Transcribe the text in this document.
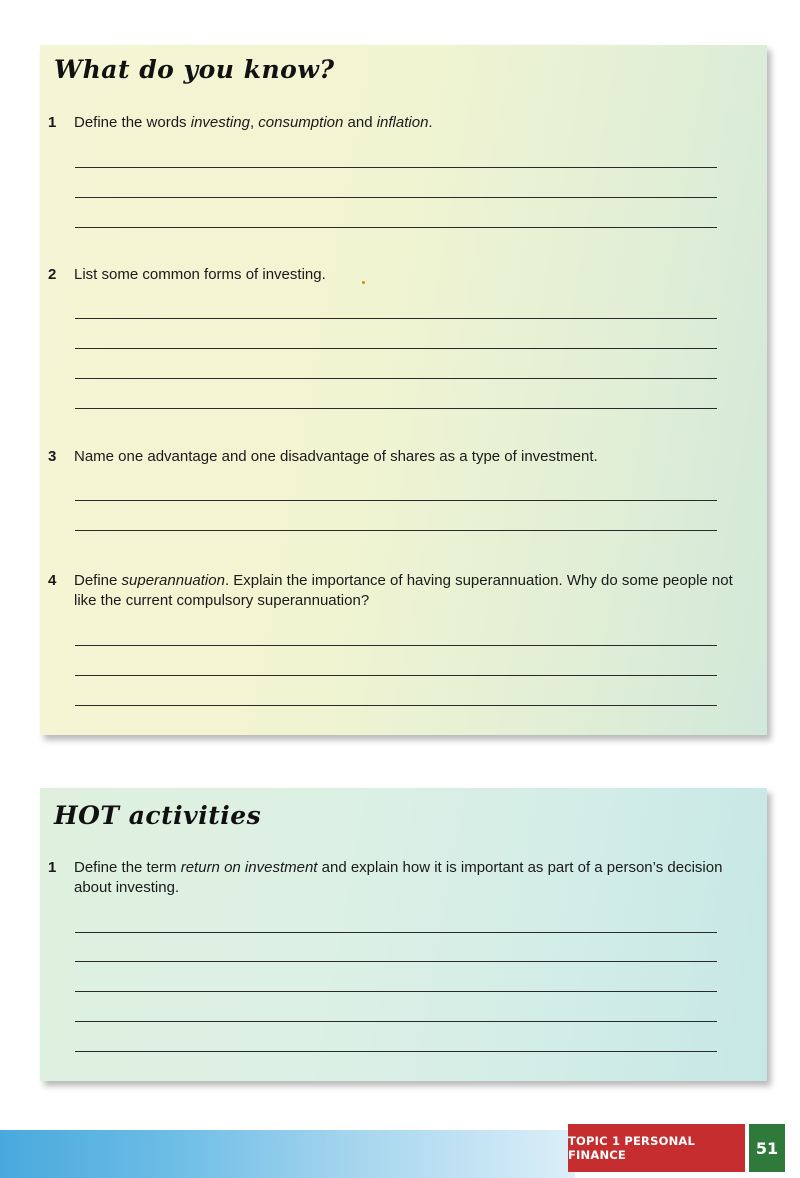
What do you know?
1	Define the words investing, consumption and inflation.
2	List some common forms of investing.
3	Name one advantage and one disadvantage of shares as a type of investment.
4	Define superannuation. Explain the importance of having superannuation. Why do some people not like the current compulsory superannuation?
HOT activities
1	Define the term return on investment and explain how it is important as part of a person’s decision about investing.
TOPIC 1 PERSONAL FINANCE	51
